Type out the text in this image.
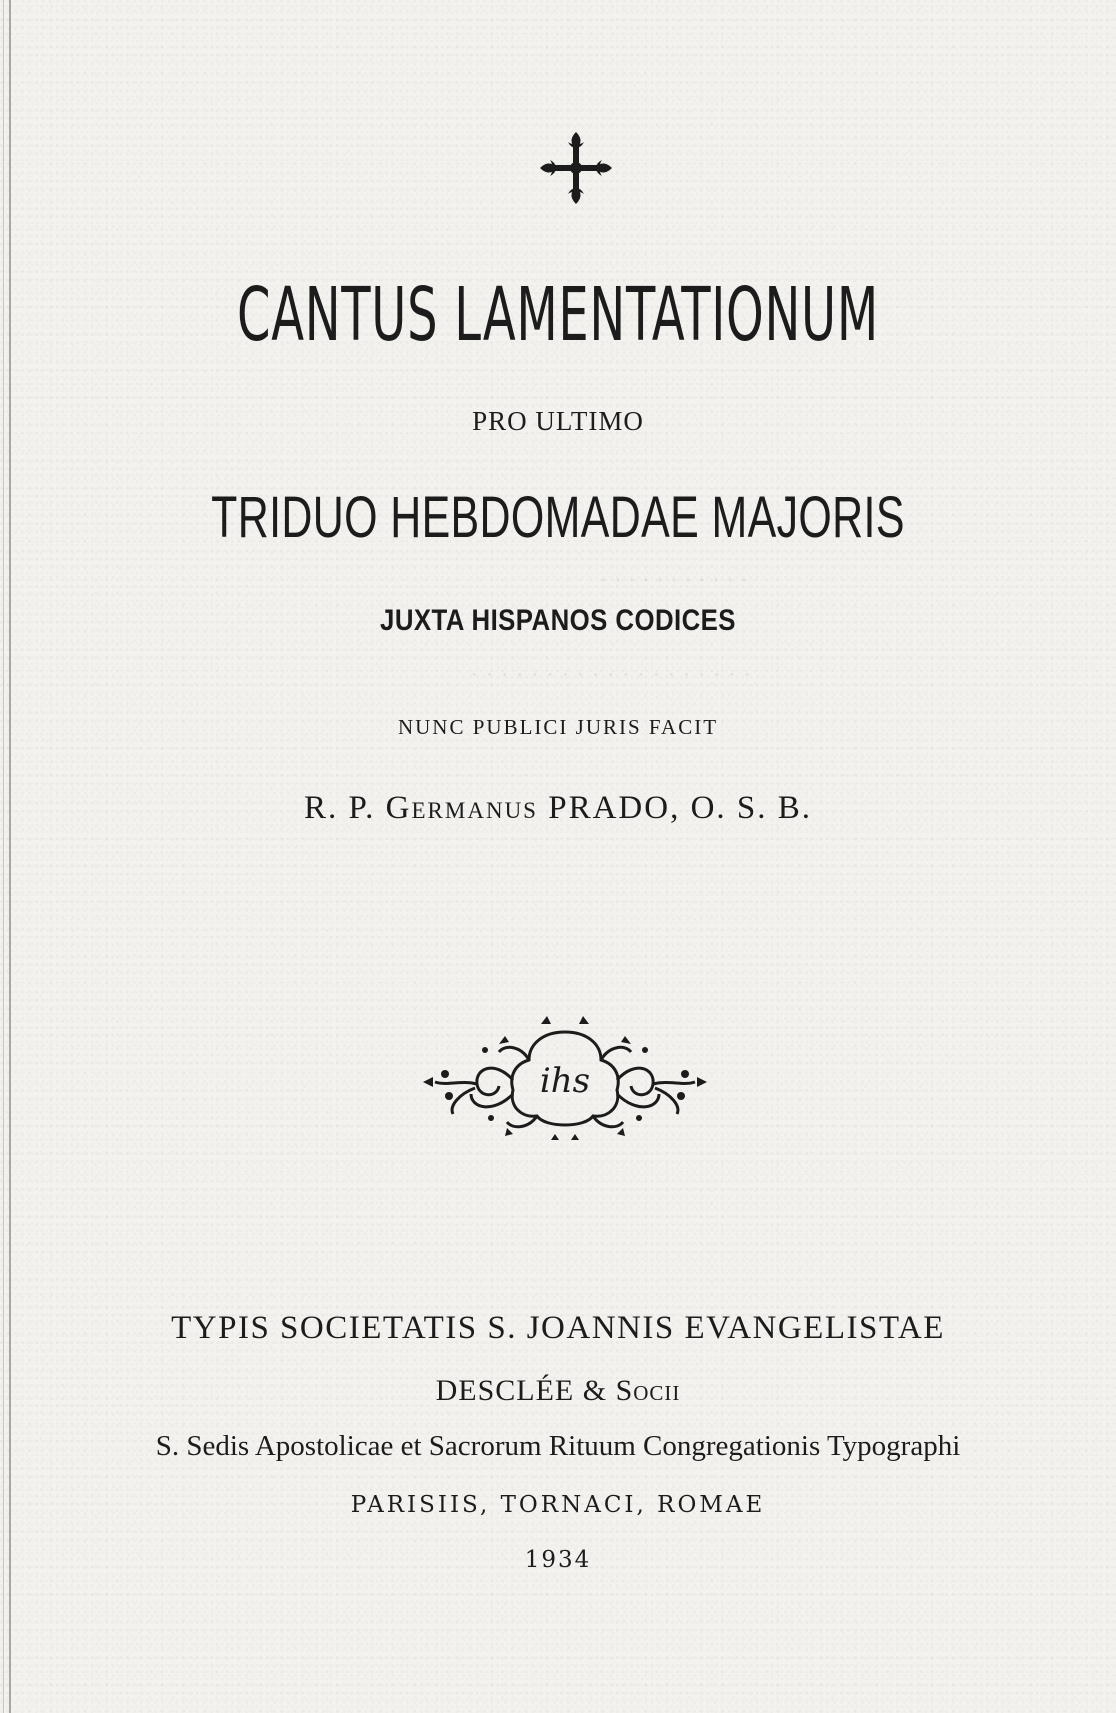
· · · · · · · · · · ·
· · · · · · · · · · · · · · · · · · ·
CANTUS LAMENTATIONUM
PRO ULTIMO
TRIDUO HEBDOMADAE MAJORIS
JUXTA HISPANOS CODICES
NUNC PUBLICI JURIS FACIT
R. P. Germanus PRADO, O. S. B.
ihs
TYPIS SOCIETATIS S. JOANNIS EVANGELISTAE
DESCLÉE & Socii
S. Sedis Apostolicae et Sacrorum Rituum Congregationis Typographi
PARISIIS, TORNACI, ROMAE
1934
